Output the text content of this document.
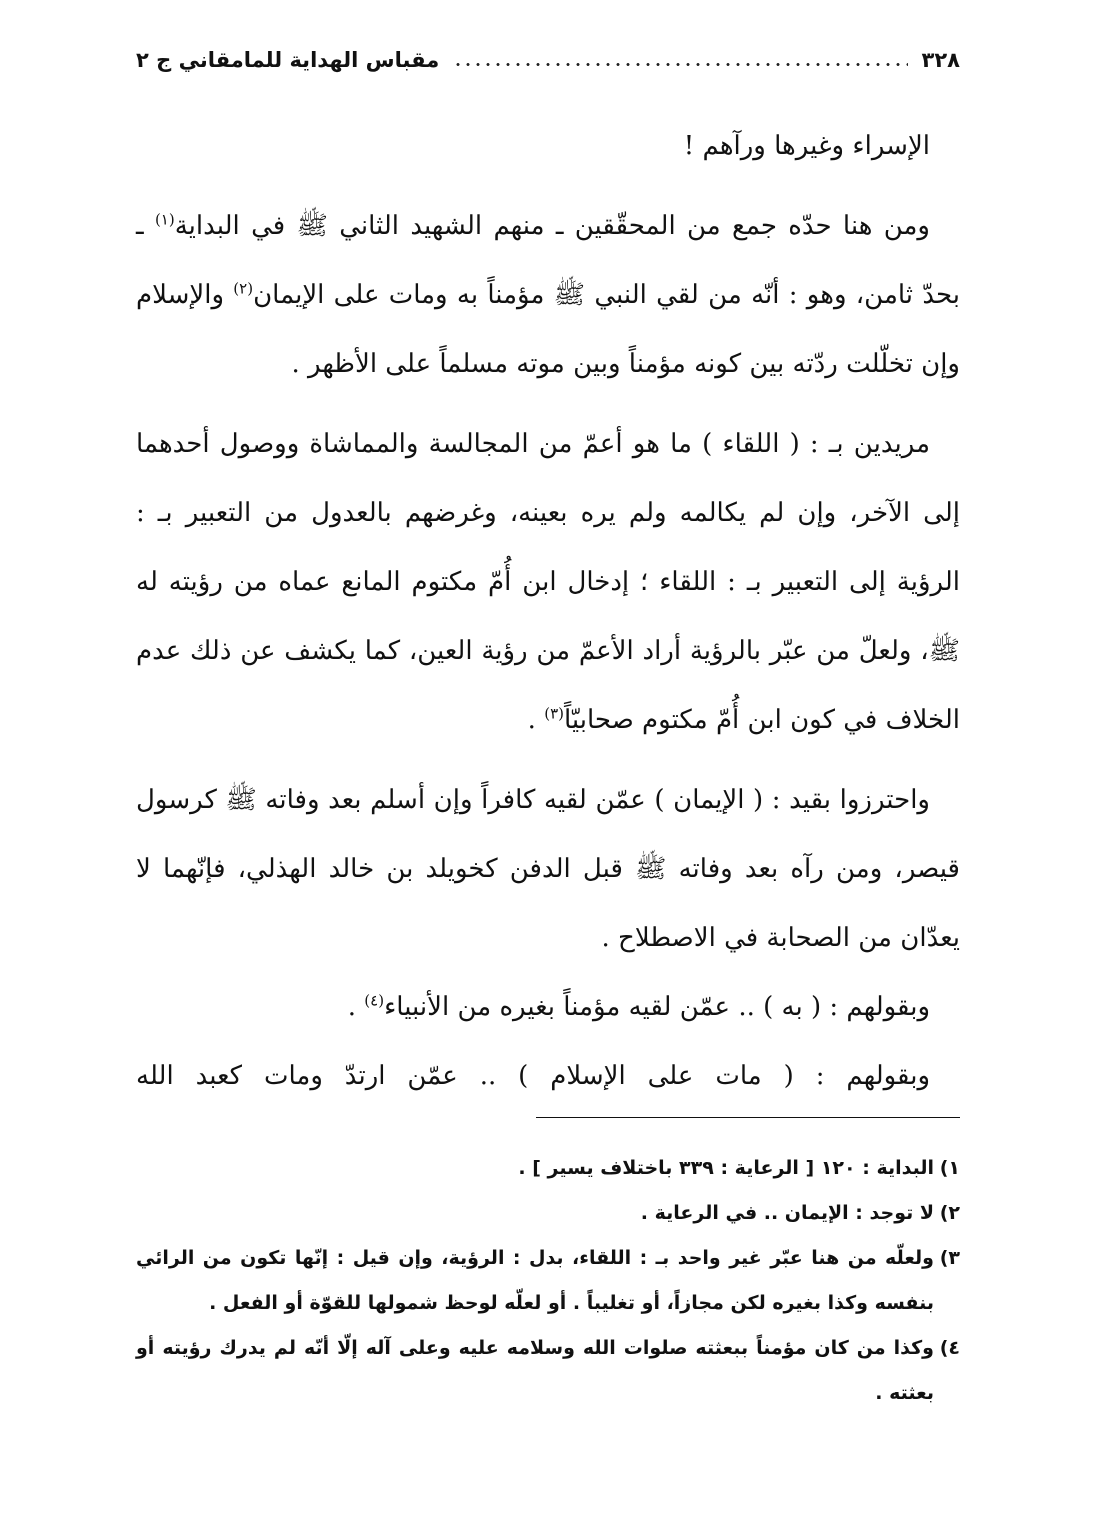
٣٢٨
مقباس الهداية للمامقاني ج ٢

الإسراء وغيرها ورآهم !

ومن هنا حدّه جمع من المحقّقين ـ منهم الشهيد الثاني ﷺ في البداية$^{(١)}$ ـ بحدّ ثامن، وهو : أنّه من لقي النبي ﷺ مؤمناً به ومات على الإيمان$^{(٢)}$ والإسلام وإن تخلّلت ردّته بين كونه مؤمناً وبين موته مسلماً على الأظهر .

مريدين بـ : ( اللقاء ) ما هو أعمّ من المجالسة والمماشاة ووصول أحدهما إلى الآخر، وإن لم يكالمه ولم يره بعينه، وغرضهم بالعدول من التعبير بـ : الرؤية إلى التعبير بـ : اللقاء ؛ إدخال ابن أُمّ مكتوم المانع عماه من رؤيته له ﷺ، ولعلّ من عبّر بالرؤية أراد الأعمّ من رؤية العين، كما يكشف عن ذلك عدم الخلاف في كون ابن أُمّ مكتوم صحابيّاً$^{(٣)}$ .

واحترزوا بقيد : ( الإيمان ) عمّن لقيه كافراً وإن أسلم بعد وفاته ﷺ كرسول قيصر، ومن رآه بعد وفاته ﷺ قبل الدفن كخويلد بن خالد الهذلي، فإنّهما لا يعدّان من الصحابة في الاصطلاح .

وبقولهم : ( به ) .. عمّن لقيه مؤمناً بغيره من الأنبياء$^{(٤)}$ .

وبقولهم : ( مات على الإسلام ) .. عمّن ارتدّ ومات كعبد الله

١)
البداية : ١٢٠ [ الرعاية : ٣٣٩ باختلاف يسير ] .
٢)
لا توجد : الإيمان .. في الرعاية .
٣)
ولعلّه من هنا عبّر غير واحد بـ : اللقاء، بدل : الرؤية، وإن قيل : إنّها تكون من الرائي بنفسه وكذا بغيره لكن مجازاً، أو تغليباً . أو لعلّه لوحظ شمولها للقوّة أو الفعل .
٤)
وكذا من كان مؤمناً ببعثته صلوات الله وسلامه عليه وعلى آله إلّا أنّه لم يدرك رؤيته أو بعثته .
